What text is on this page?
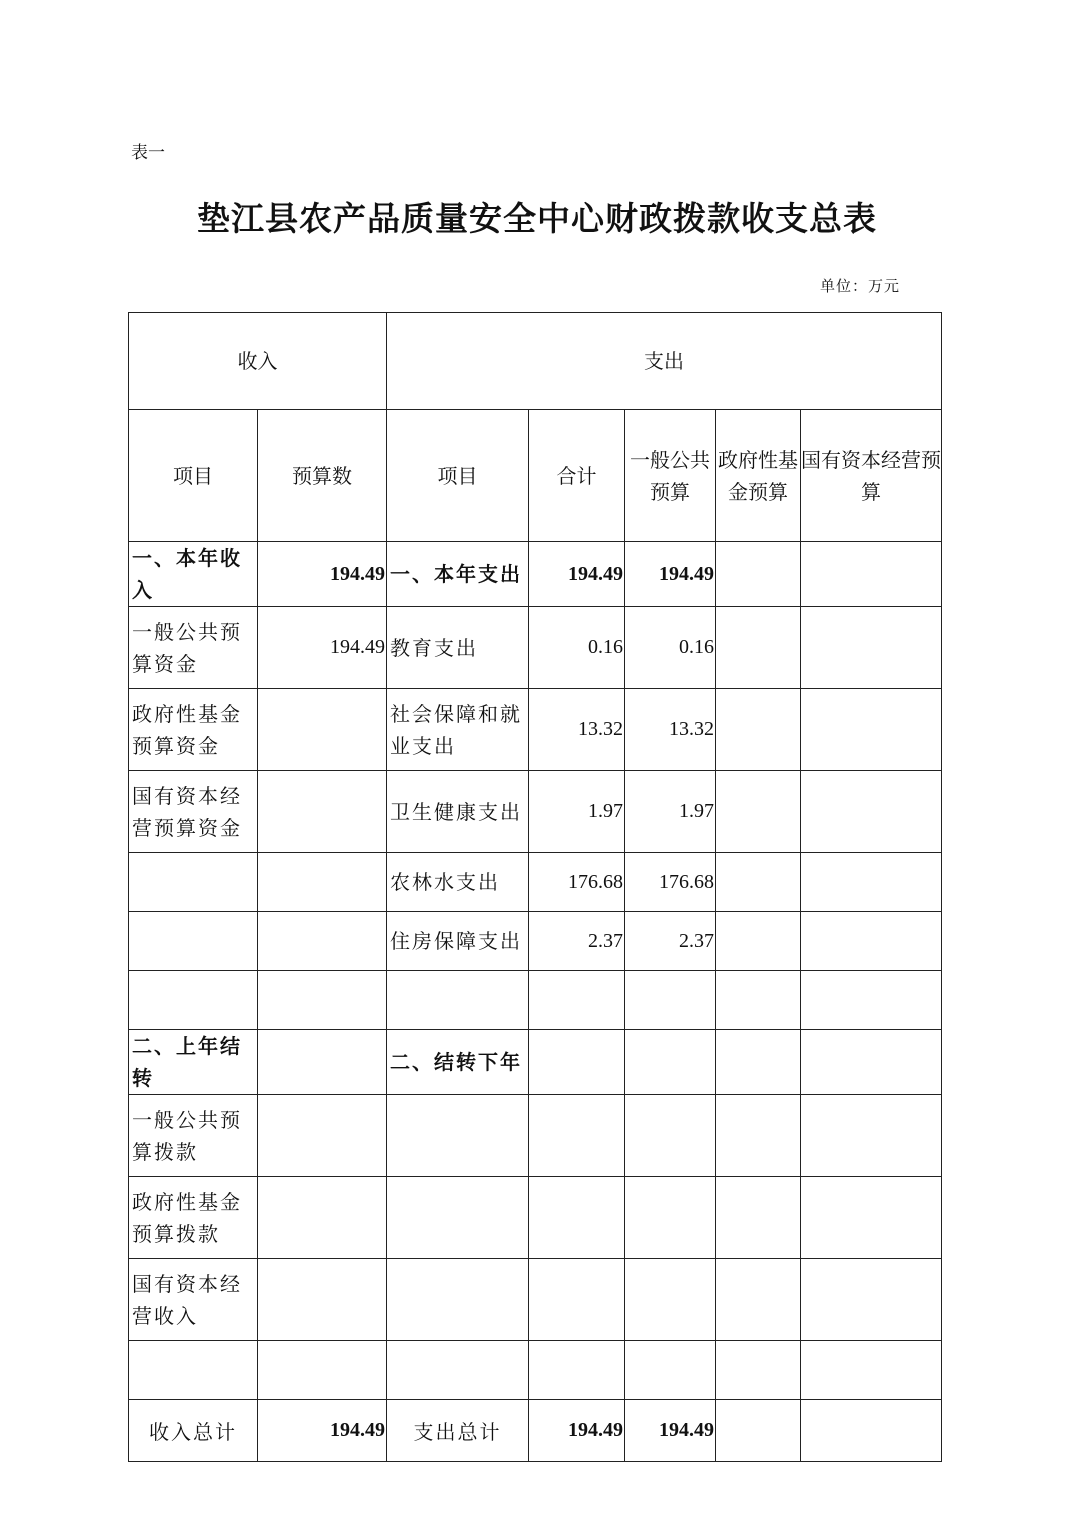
表一
垫江县农产品质量安全中心财政拨款收支总表
单位：万元
收入		支出				
项目	预算数	项目	合计	一般公共预算	政府性基金预算	国有资本经营预算
一、本年收入	194.49	一、本年支出	194.49	194.49		
一般公共预算资金	194.49	教育支出	0.16	0.16		
政府性基金预算资金		社会保障和就业支出	13.32	13.32		
国有资本经营预算资金		卫生健康支出	1.97	1.97		
		农林水支出	176.68	176.68		
		住房保障支出	2.37	2.37		

二、上年结转		二、结转下年				
一般公共预算拨款						
政府性基金预算拨款						
国有资本经营收入						

收入总计	194.49	支出总计	194.49	194.49		
